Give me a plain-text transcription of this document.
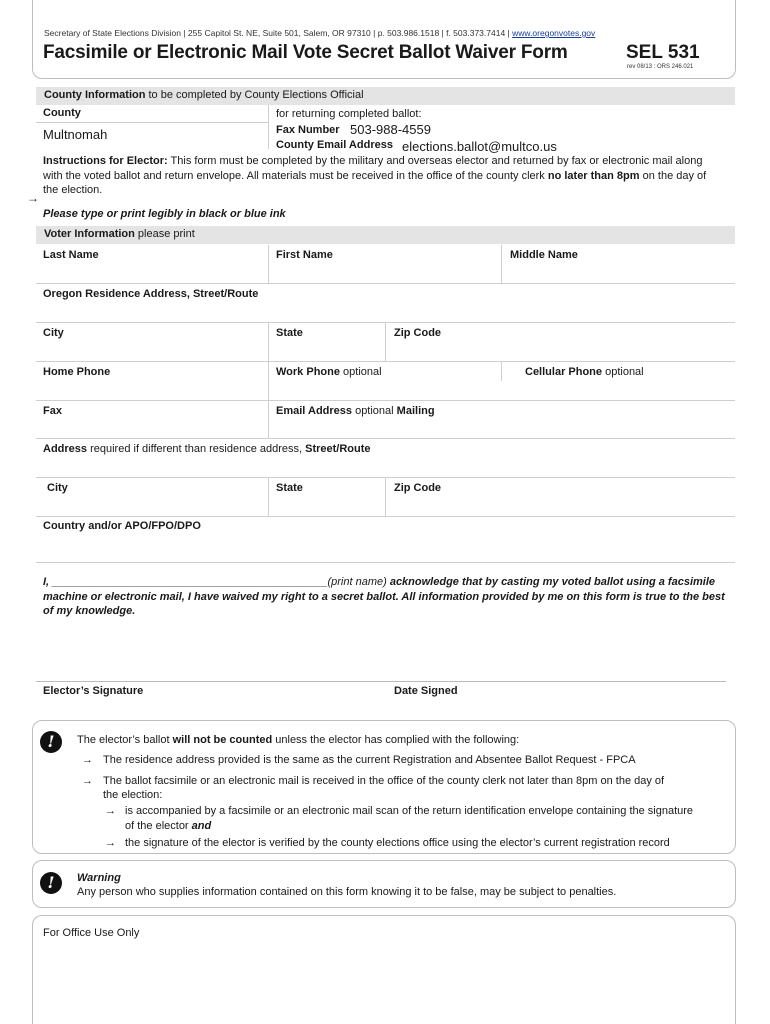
Secretary of State Elections Division | 255 Capitol St. NE, Suite 501, Salem, OR 97310 | p. 503.986.1518 | f. 503.373.7414 | www.oregonvotes.gov
Facsimile or Electronic Mail Vote Secret Ballot Waiver Form	SEL 531
rev 08/13 : ORS 246.021
County Information to be completed by County Elections Official
County
Multnomah
for returning completed ballot:
Fax Number 503-988-4559
County Email Address elections.ballot@multco.us
Instructions for Elector: This form must be completed by the military and overseas elector and returned by fax or electronic mail along with the voted ballot and return envelope. All materials must be received in the office of the county clerk no later than 8pm on the day of the election.
→
Please type or print legibly in black or blue ink
Voter Information please print
Last Name	First Name	Middle Name
Oregon Residence Address, Street/Route
City	State	Zip Code
Home Phone	Work Phone optional	Cellular Phone optional
Fax	Email Address optional Mailing
Address required if different than residence address, Street/Route
City	State	Zip Code
Country and/or APO/FPO/DPO
I, _____________________________________________(print name) acknowledge that by casting my voted ballot using a facsimile machine or electronic mail, I have waived my right to a secret ballot. All information provided by me on this form is true to the best of my knowledge.
Elector’s Signature	Date Signed
!	The elector’s ballot will not be counted unless the elector has complied with the following:
→ The residence address provided is the same as the current Registration and Absentee Ballot Request - FPCA
→ The ballot facsimile or an electronic mail is received in the office of the county clerk not later than 8pm on the day of
the election:
→ is accompanied by a facsimile or an electronic mail scan of the return identification envelope containing the signature
of the elector and
→ the signature of the elector is verified by the county elections office using the elector’s current registration record
!	Warning
Any person who supplies information contained on this form knowing it to be false, may be subject to penalties.
For Office Use Only
